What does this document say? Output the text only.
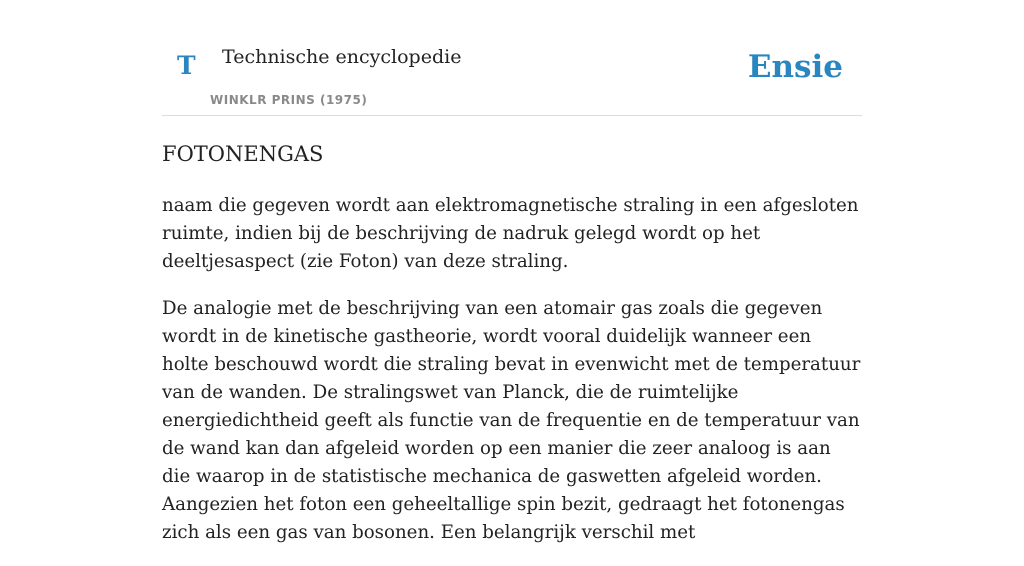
T Technische encyclopedie
WINKLR PRINS (1975)
Ensie
FOTONENGAS

naam die gegeven wordt aan elektromagnetische straling in een afgesloten ruimte, indien bij de beschrijving de nadruk gelegd wordt op het deeltjesaspect (zie Foton) van deze straling.

De analogie met de beschrijving van een atomair gas zoals die gegeven wordt in de kinetische gastheorie, wordt vooral duidelijk wanneer een holte beschouwd wordt die straling bevat in evenwicht met de temperatuur van de wanden. De stralingswet van Planck, die de ruimtelijke energiedichtheid geeft als functie van de frequentie en de temperatuur van de wand kan dan afgeleid worden op een manier die zeer analoog is aan die waarop in de statistische mechanica de gaswetten afgeleid worden. Aangezien het foton een geheeltallige spin bezit, gedraagt het fotonengas zich als een gas van bosonen. Een belangrijk verschil met
